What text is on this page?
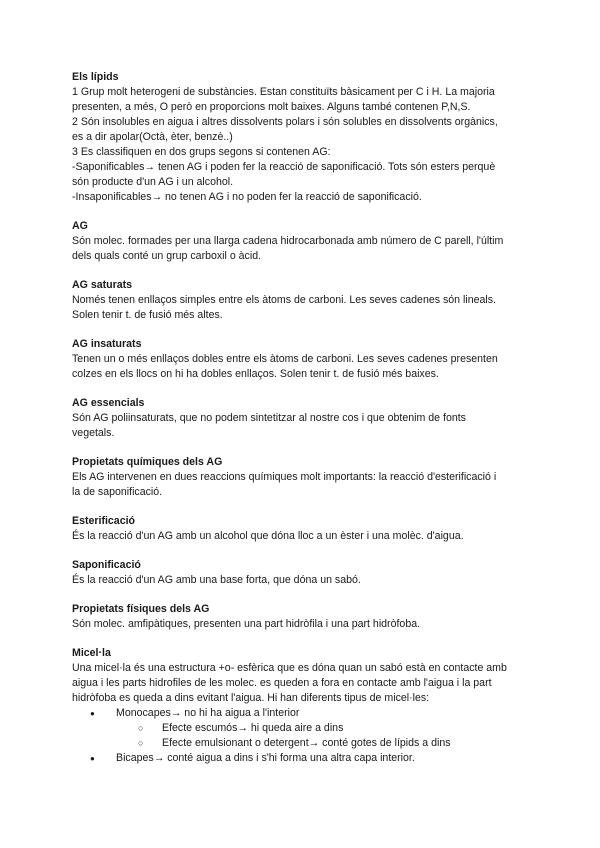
Els lípids

1 Grup molt heterogeni de substàncies. Estan constituïts bàsicament per C i H. La majoria
presenten, a més, O però en proporcions molt baixes. Alguns també contenen P,N,S.
2 Són insolubles en aigua i altres dissolvents polars i són solubles en dissolvents orgànics,
es a dir apolar(Octà, èter, benzè..)
3 Es classifiquen en dos grups segons si contenen AG:
-Saponificables→ tenen AG i poden fer la reacció de saponificació. Tots són esters perquè
són producte d'un AG i un alcohol.
-Insaponificables→ no tenen AG i no poden fer la reacció de saponificació.

AG

Són molec. formades per una llarga cadena hidrocarbonada amb número de C parell, l'últim
dels quals conté un grup carboxil o àcid.

AG saturats

Només tenen enllaços simples entre els àtoms de carboni. Les seves cadenes són lineals.
Solen tenir t. de fusió més altes.

AG insaturats

Tenen un o més enllaços dobles entre els àtoms de carboni. Les seves cadenes presenten
colzes en els llocs on hi ha dobles enllaços. Solen tenir t. de fusió més baixes.

AG essencials

Són AG poliinsaturats, que no podem sintetitzar al nostre cos i que obtenim de fonts
vegetals.

Propietats químiques dels AG

Els AG intervenen en dues reaccions químiques molt importants: la reacció d'esterificació i
la de saponificació.

Esterificació

És la reacció d'un AG amb un alcohol que dóna lloc a un èster i una molèc. d'aigua.

Saponificació

És la reacció d'un AG amb una base forta, que dóna un sabó.

Propietats físiques dels AG

Són molec. amfipàtiques, presenten una part hidròfila i una part hidròfoba.

Micel·la

Una micel·la és una estructura +o- esfèrica que es dóna quan un sabó està en contacte amb
aigua i les parts hidrofiles de les molec. es queden a fora en contacte amb l'aigua i la part
hidròfoba es queda a dins evitant l'aigua. Hi han diferents tipus de micel·les:

● Monocapes→ no hi ha aigua a l'interior
○ Efecte escumós→ hi queda aire a dins
○ Efecte emulsionant o detergent→ conté gotes de lípids a dins
● Bicapes→ conté aigua a dins i s'hi forma una altra capa interior.
